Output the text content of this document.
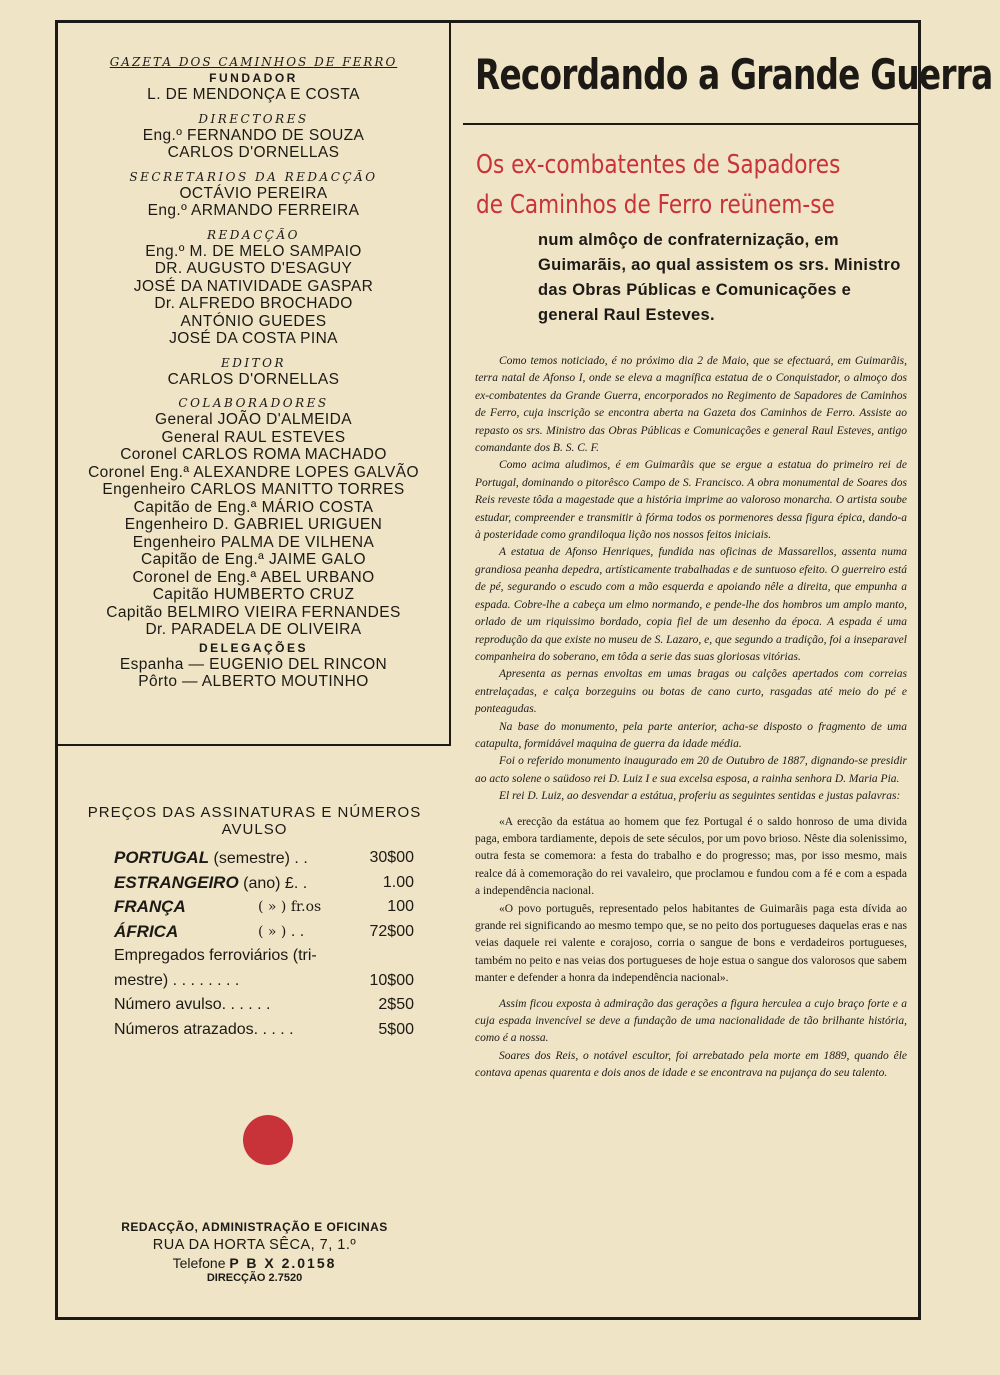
GAZETA DOS CAMINHOS DE FERRO
FUNDADOR
L. DE MENDONÇA E COSTA
DIRECTORES
Eng.º FERNANDO DE SOUZA
CARLOS D'ORNELLAS
SECRETARIOS DA REDACÇÃO
OCTÁVIO PEREIRA
Eng.º ARMANDO FERREIRA
REDACÇÃO
Eng.º M. DE MELO SAMPAIO
DR. AUGUSTO D'ESAGUY
JOSÉ DA NATIVIDADE GASPAR
Dr. ALFREDO BROCHADO
ANTÓNIO GUEDES
JOSÉ DA COSTA PINA
EDITOR
CARLOS D'ORNELLAS
COLABORADORES
General JOÃO D'ALMEIDA
General RAUL ESTEVES
Coronel CARLOS ROMA MACHADO
Coronel Eng.ª ALEXANDRE LOPES GALVÃO
Engenheiro CARLOS MANITTO TORRES
Capitão de Eng.ª MÁRIO COSTA
Engenheiro D. GABRIEL URIGUEN
Engenheiro PALMA DE VILHENA
Capitão de Eng.ª JAIME GALO
Coronel de Eng.ª ABEL URBANO
Capitão HUMBERTO CRUZ
Capitão BELMIRO VIEIRA FERNANDES
Dr. PARADELA DE OLIVEIRA
DELEGAÇÕES
Espanha — EUGENIO DEL RINCON
Pôrto — ALBERTO MOUTINHO
PREÇOS DAS ASSINATURAS E NÚMEROS
AVULSO
PORTUGAL (semestre) . .	30$00
ESTRANGEIRO (ano) £. .	1.00
FRANÇA	( » ) fr.os	100
ÁFRICA	( » ) . .	72$00
Empregados ferroviários (tri-
mestre) . . . . . . . .	10$00
Número avulso. . . . . .	2$50
Números atrazados. . . . .	5$00
REDACÇÃO, ADMINISTRAÇÃO E OFICINAS
RUA DA HORTA SÊCA, 7, 1.º
Telefone P B X 2.0158
DIRECÇÃO 2.7520
Recordando a Grande Guerra
Os ex-combatentes de Sapadores
de Caminhos de Ferro reünem-se
num almôço de confraternização, em Guimarãis, ao qual assistem os srs. Ministro das Obras Públicas e Comunicações e general Raul Esteves.

Como temos noticiado, é no próximo dia 2 de Maio, que se efectuará, em Guimarãis, terra natal de Afonso I, onde se eleva a magnífica estatua de o Conquistador, o almoço dos ex-combatentes da Grande Guerra, encorporados no Regimento de Sapadores de Caminhos de Ferro, cuja inscrição se encontra aberta na Gazeta dos Caminhos de Ferro. Assiste ao repasto os srs. Ministro das Obras Públicas e Comunicações e general Raul Esteves, antigo comandante dos B. S. C. F.

Como acima aludimos, é em Guimarãis que se ergue a estatua do primeiro rei de Portugal, dominando o pitorêsco Campo de S. Francisco. A obra monumental de Soares dos Reis reveste tôda a magestade que a história imprime ao valoroso monarcha. O artista soube estudar, compreender e transmitir à fórma todos os pormenores dessa figura épica, dando-a à posteridade como grandiloqua lição nos nossos feitos iniciais.

A estatua de Afonso Henriques, fundida nas oficinas de Massarellos, assenta numa grandiosa peanha depedra, artísticamente trabalhadas e de suntuoso efeito. O guerreiro está de pé, segurando o escudo com a mão esquerda e apoiando nêle a direita, que empunha a espada. Cobre-lhe a cabeça um elmo normando, e pende-lhe dos hombros um amplo manto, orlado de um riquissimo bordado, copia fiel de um desenho da época. A espada é uma reprodução da que existe no museu de S. Lazaro, e, que segundo a tradição, foi a inseparavel companheira do soberano, em tôda a serie das suas gloriosas vitórias.

Apresenta as pernas envoltas em umas bragas ou calções apertados com correias entrelaçadas, e calça borzeguins ou botas de cano curto, rasgadas até meio do pé e ponteagudas.

Na base do monumento, pela parte anterior, acha-se disposto o fragmento de uma catapulta, formidável maquina de guerra da idade média.

Foi o referido monumento inaugurado em 20 de Outubro de 1887, dignando-se presidir ao acto solene o saüdoso rei D. Luiz I e sua excelsa esposa, a rainha senhora D. Maria Pia.

El rei D. Luiz, ao desvendar a estátua, proferiu as seguintes sentidas e justas palavras:

«A erecção da estátua ao homem que fez Portugal é o saldo honroso de uma divida paga, embora tardiamente, depois de sete séculos, por um povo brioso. Nêste dia solenissimo, outra festa se comemora: a festa do trabalho e do progresso; mas, por isso mesmo, mais realce dá à comemoração do rei vavaleiro, que proclamou e fundou com a fé e com a espada a independência nacional.

«O povo português, representado pelos habitantes de Guimarãis paga esta dívida ao grande rei significando ao mesmo tempo que, se no peito dos portugueses daquelas eras e nas veias daquele rei valente e corajoso, corria o sangue de bons e verdadeiros portugueses, também no peito e nas veias dos portugueses de hoje estua o sangue dos valorosos que sabem manter e defender a honra da independência nacional».

Assim ficou exposta à admiração das gerações a figura herculea a cujo braço forte e a cuja espada invencível se deve a fundação de uma nacionalidade de tão brilhante história, como é a nossa.

Soares dos Reis, o notável escultor, foi arrebatado pela morte em 1889, quando êle contava apenas quarenta e dois anos de idade e se encontrava na pujança do seu talento.
